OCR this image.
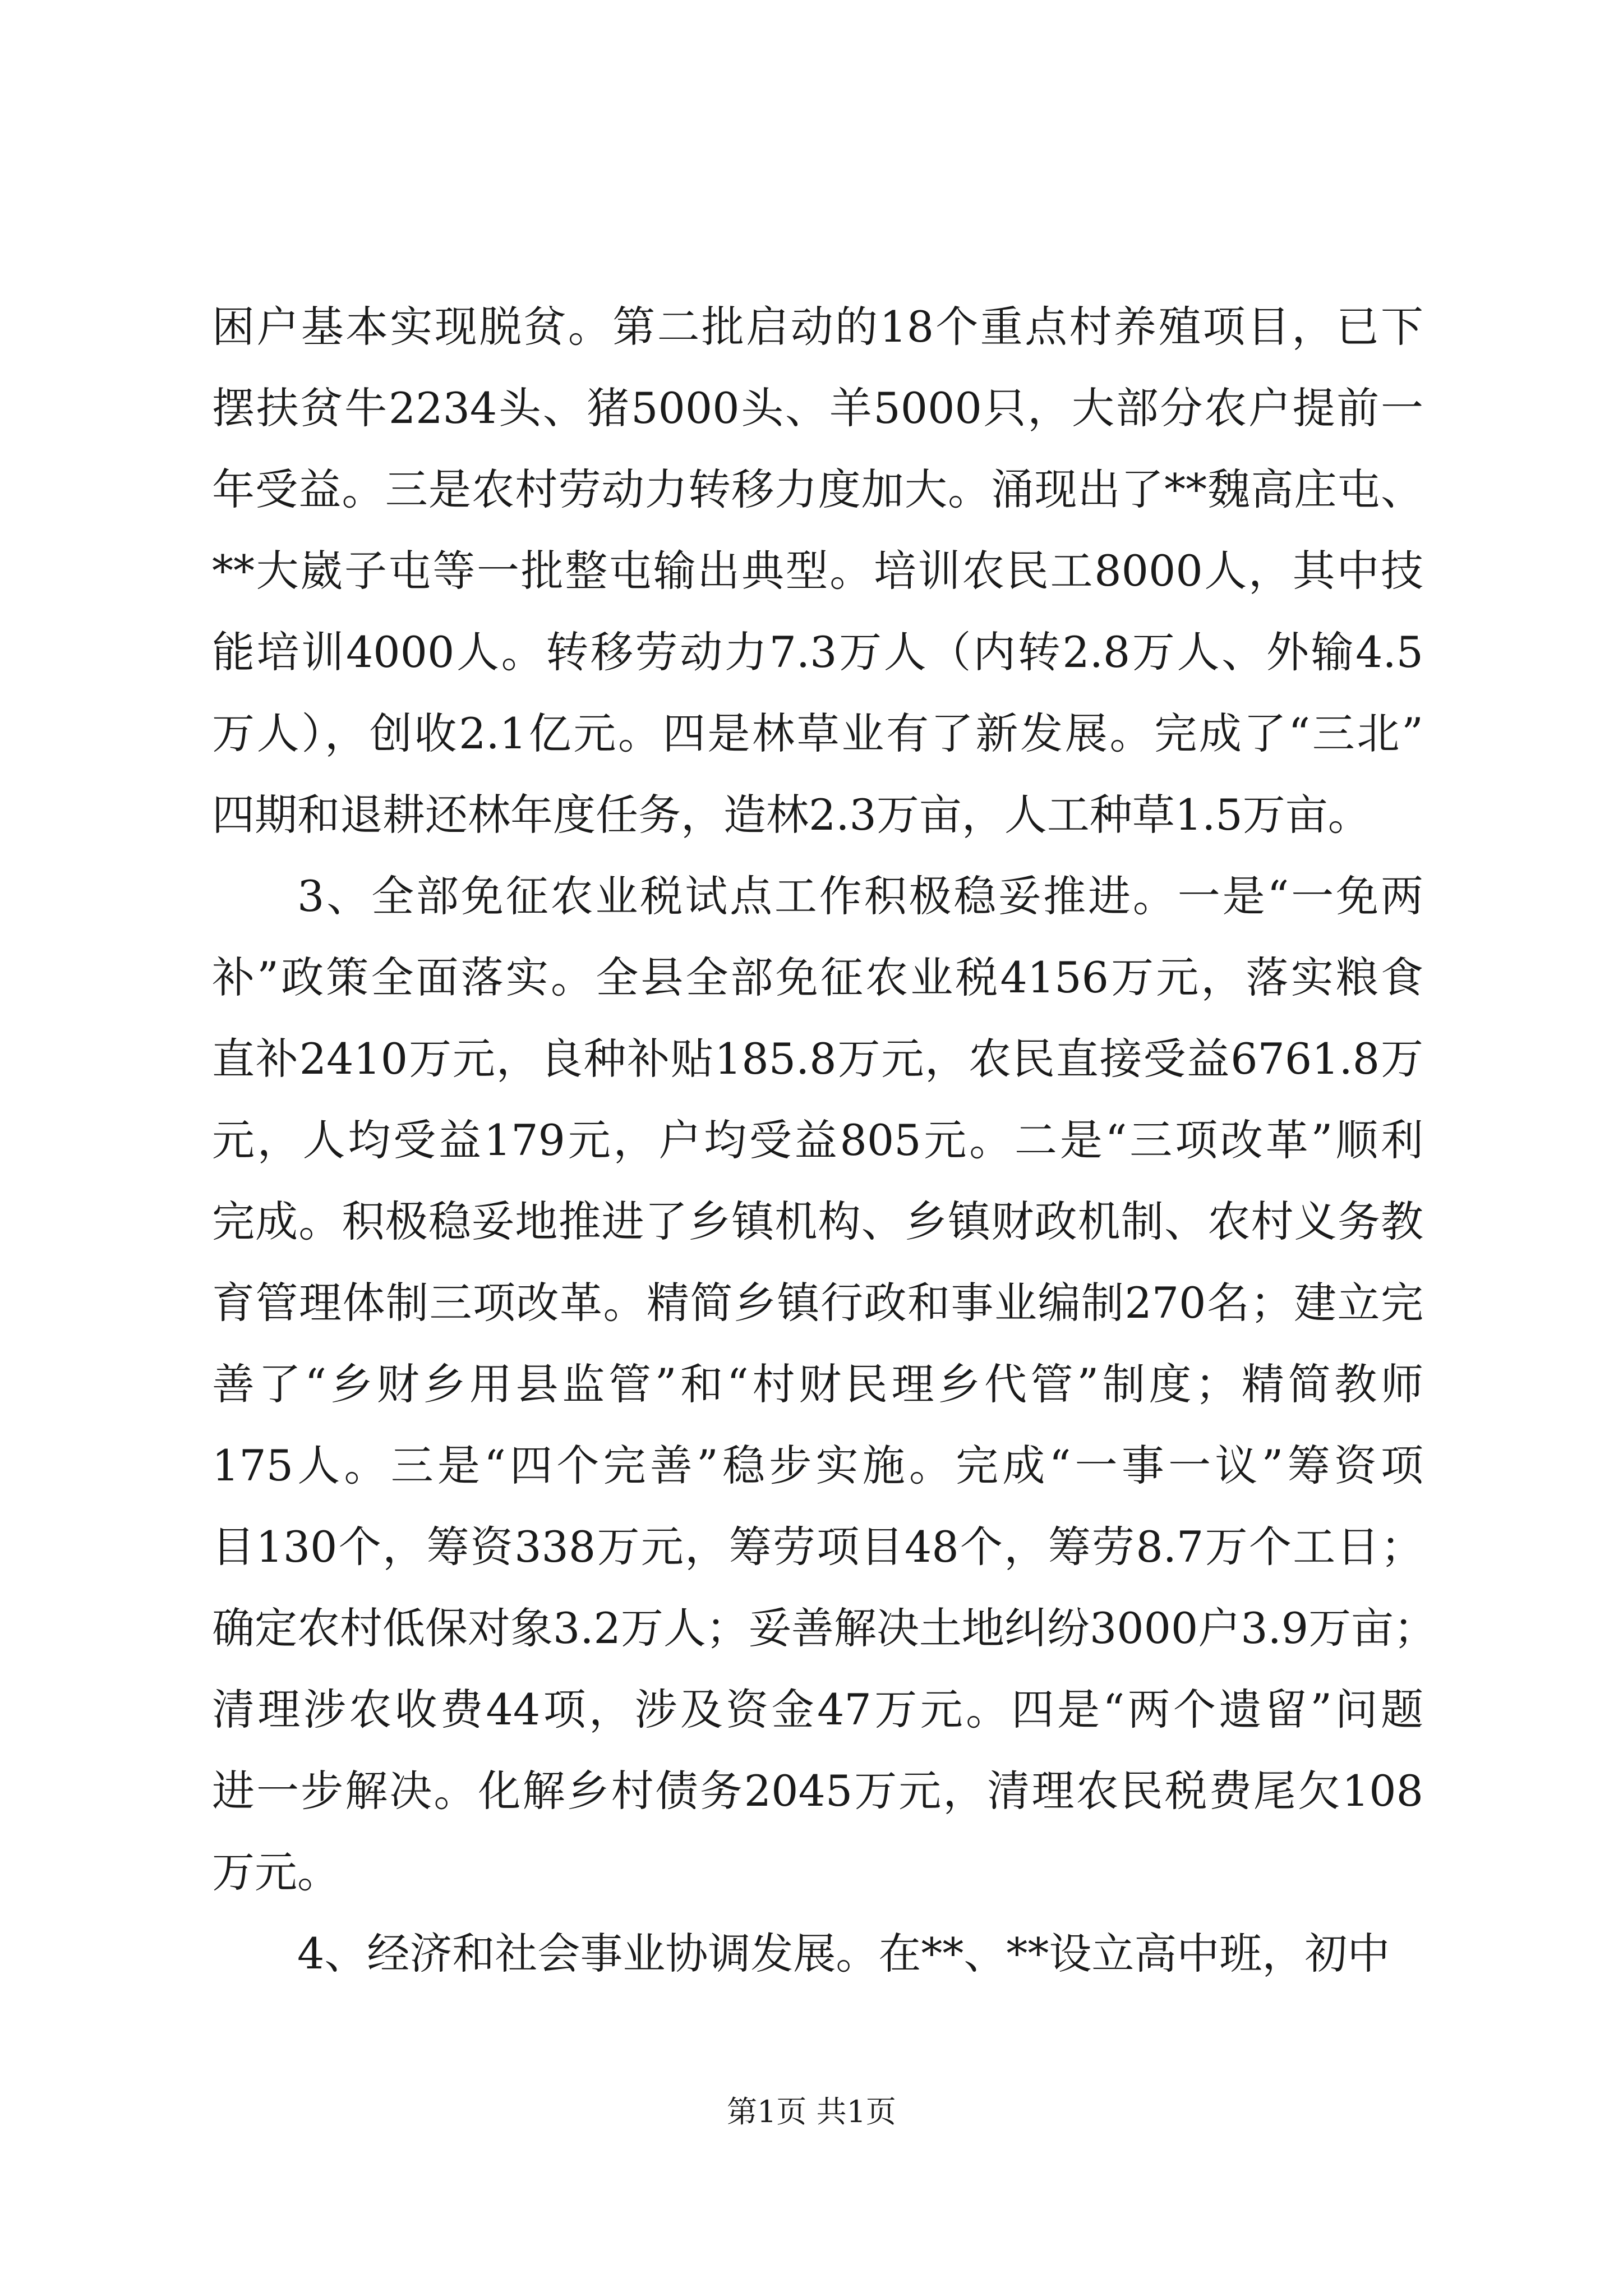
困户基本实现脱贫。第二批启动的18个重点村养殖项目，已下
摆扶贫牛2234头、猪5000头、羊5000只，大部分农户提前一
年受益。三是农村劳动力转移力度加大。涌现出了**魏高庄屯、
**大崴子屯等一批整屯输出典型。培训农民工8000人，其中技
能培训4000人。转移劳动力7.3万人（内转2.8万人、外输4.5
万人），创收2.1亿元。四是林草业有了新发展。完成了“三北”
四期和退耕还林年度任务，造林2.3万亩，人工种草1.5万亩。
3、全部免征农业税试点工作积极稳妥推进。一是“一免两
补”政策全面落实。全县全部免征农业税4156万元，落实粮食
直补2410万元，良种补贴185.8万元，农民直接受益6761.8万
元，人均受益179元，户均受益805元。二是“三项改革”顺利
完成。积极稳妥地推进了乡镇机构、乡镇财政机制、农村义务教
育管理体制三项改革。精简乡镇行政和事业编制270名；建立完
善了“乡财乡用县监管”和“村财民理乡代管”制度；精简教师
175人。三是“四个完善”稳步实施。完成“一事一议”筹资项
目130个，筹资338万元，筹劳项目48个，筹劳8.7万个工日；
确定农村低保对象3.2万人；妥善解决土地纠纷3000户3.9万亩；
清理涉农收费44项，涉及资金47万元。四是“两个遗留”问题
进一步解决。化解乡村债务2045万元，清理农民税费尾欠108
万元。
4、经济和社会事业协调发展。在**、**设立高中班，初中
第1页 共1页
